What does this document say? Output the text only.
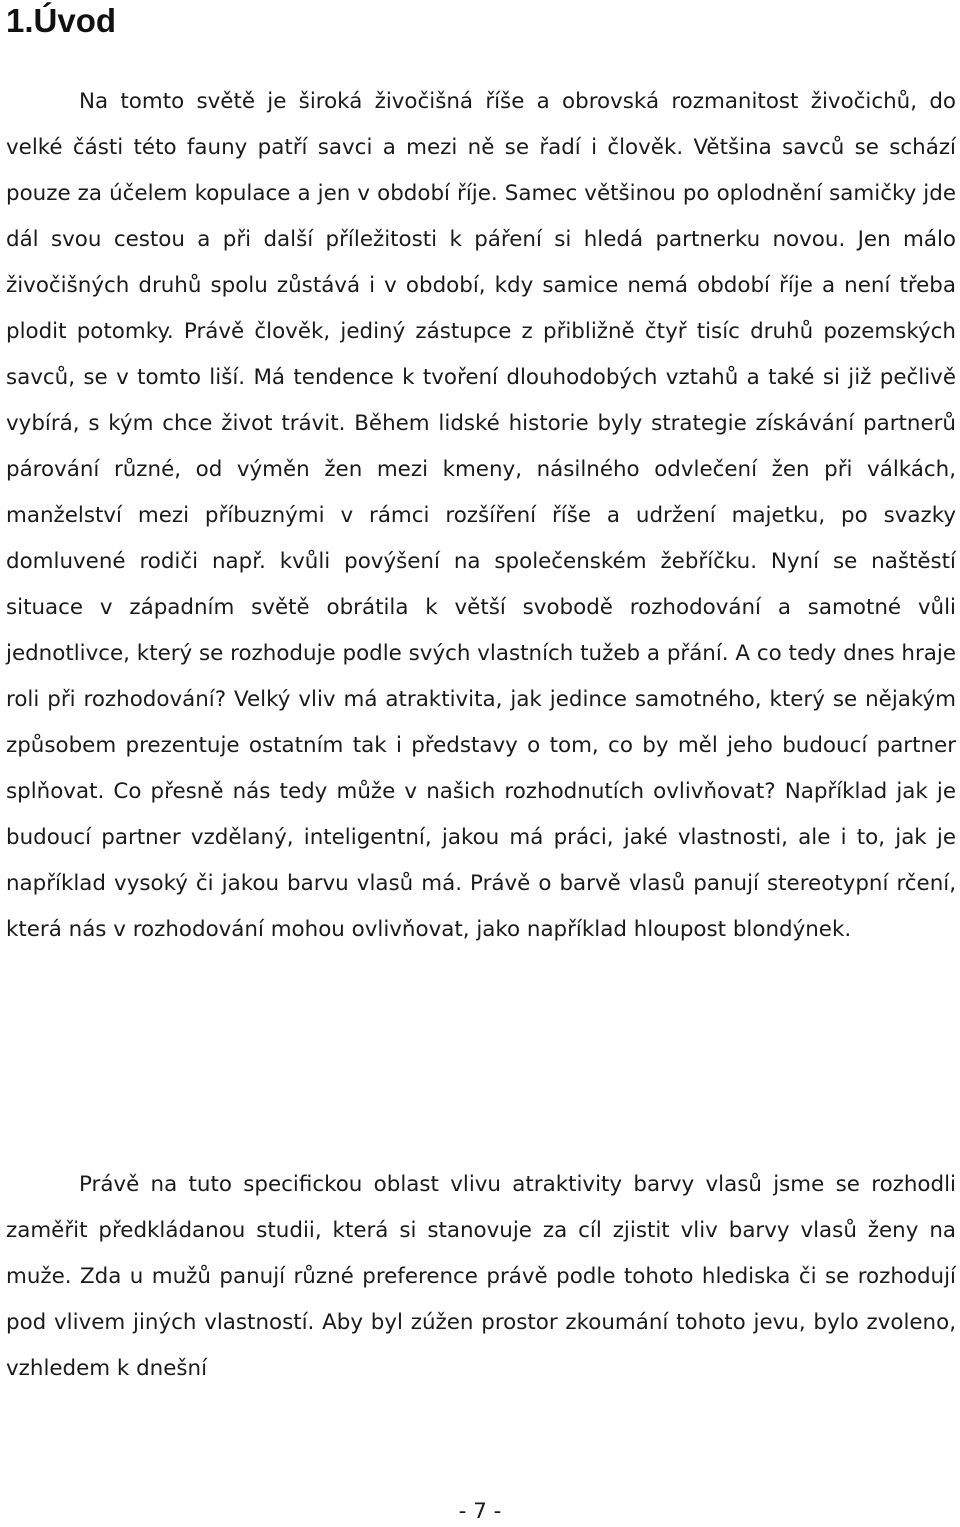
1.Úvod

Na tomto světě je široká živočišná říše a obrovská rozmanitost živočichů, do velké části této fauny patří savci a mezi ně se řadí i člověk. Většina savců se schází pouze za účelem kopulace a jen v období říje. Samec většinou po oplodnění samičky jde dál svou cestou a při další příležitosti k páření si hledá partnerku novou. Jen málo živočišných druhů spolu zůstává i v období, kdy samice nemá období říje a není třeba plodit potomky. Právě člověk, jediný zástupce z přibližně čtyř tisíc druhů pozemských savců, se v tomto liší. Má tendence k tvoření dlouhodobých vztahů a také si již pečlivě vybírá, s kým chce život trávit. Během lidské historie byly strategie získávání partnerů párování různé, od výměn žen mezi kmeny, násilného odvlečení žen při válkách, manželství mezi příbuznými v rámci rozšíření říše a udržení majetku, po svazky domluvené rodiči např. kvůli povýšení na společenském žebříčku. Nyní se naštěstí situace v západním světě obrátila k větší svobodě rozhodování a samotné vůli jednotlivce, který se rozhoduje podle svých vlastních tužeb a přání. A co tedy dnes hraje roli při rozhodování? Velký vliv má atraktivita, jak jedince samotného, který se nějakým způsobem prezentuje ostatním tak i představy o tom, co by měl jeho budoucí partner splňovat. Co přesně nás tedy může v našich rozhodnutích ovlivňovat? Například jak je budoucí partner vzdělaný, inteligentní, jakou má práci, jaké vlastnosti, ale i to, jak je například vysoký či jakou barvu vlasů má. Právě o barvě vlasů panují stereotypní rčení, která nás v rozhodování mohou ovlivňovat, jako například hloupost blondýnek.

Právě na tuto specifickou oblast vlivu atraktivity barvy vlasů jsme se rozhodli zaměřit předkládanou studii, která si stanovuje za cíl zjistit vliv barvy vlasů ženy na muže. Zda u mužů panují různé preference právě podle tohoto hlediska či se rozhodují pod vlivem jiných vlastností. Aby byl zúžen prostor zkoumání tohoto jevu, bylo zvoleno, vzhledem k dnešní

- 7 -
